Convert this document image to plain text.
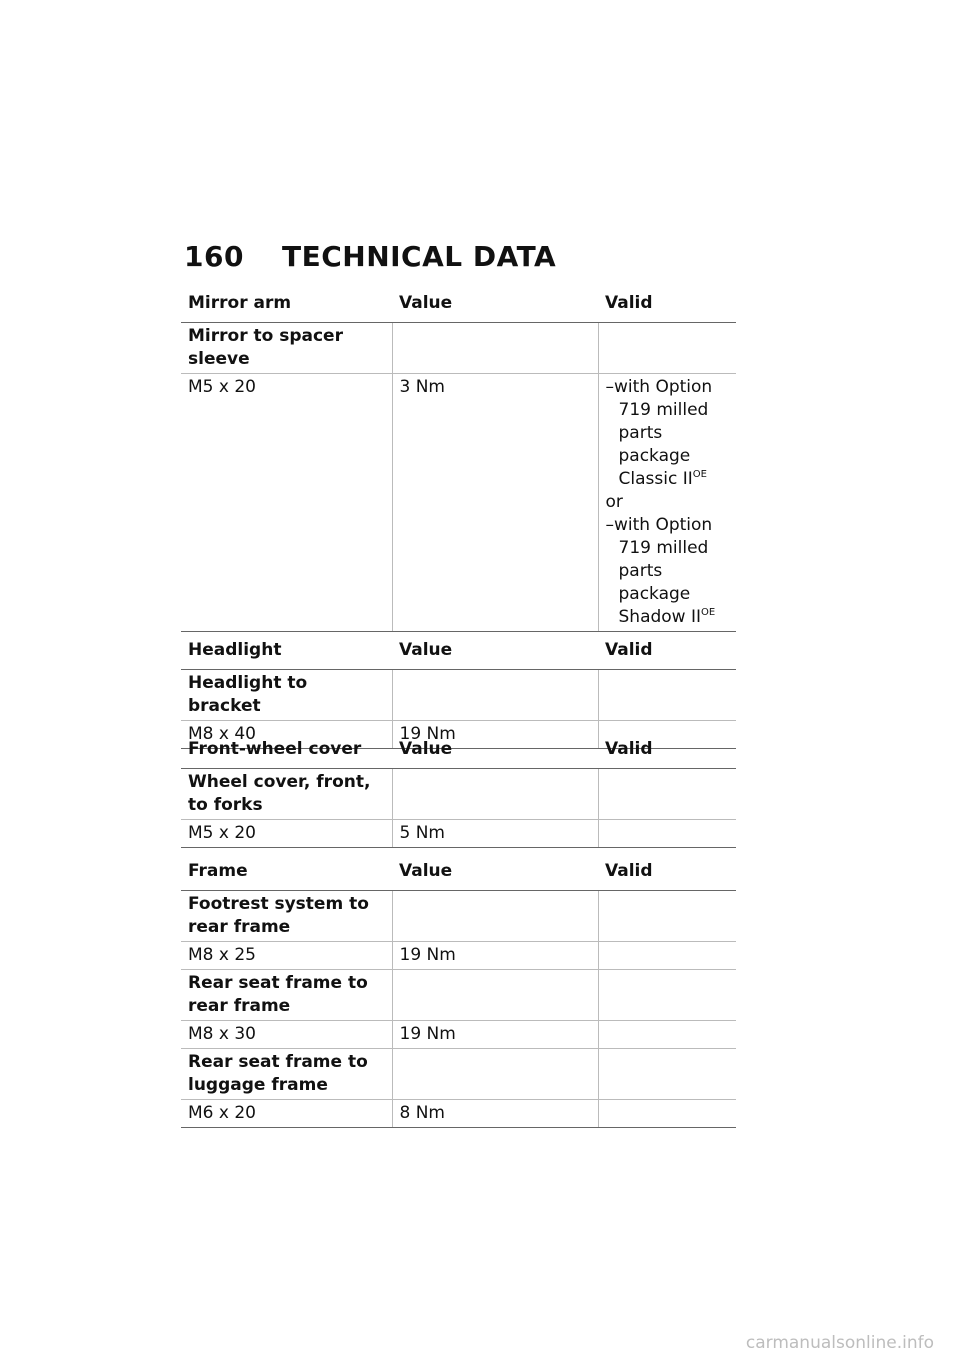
160	TECHNICAL DATA
Mirror arm	Value	Valid
Mirror to spacer sleeve		
M5 x 20	3 Nm	–with Option 719 milled parts package Classic $II^{OE}$
or
–with Option 719 milled parts package Shadow $II^{OE}$
Headlight	Value	Valid
Headlight to bracket		
M8 x 40	19 Nm	
Front-wheel cover	Value	Valid
Wheel cover, front, to forks		
M5 x 20	5 Nm	
Frame	Value	Valid
Footrest system to rear frame		
M8 x 25	19 Nm	
Rear seat frame to rear frame		
M8 x 30	19 Nm	
Rear seat frame to luggage frame		
M6 x 20	8 Nm	
carmanualsonline.info
